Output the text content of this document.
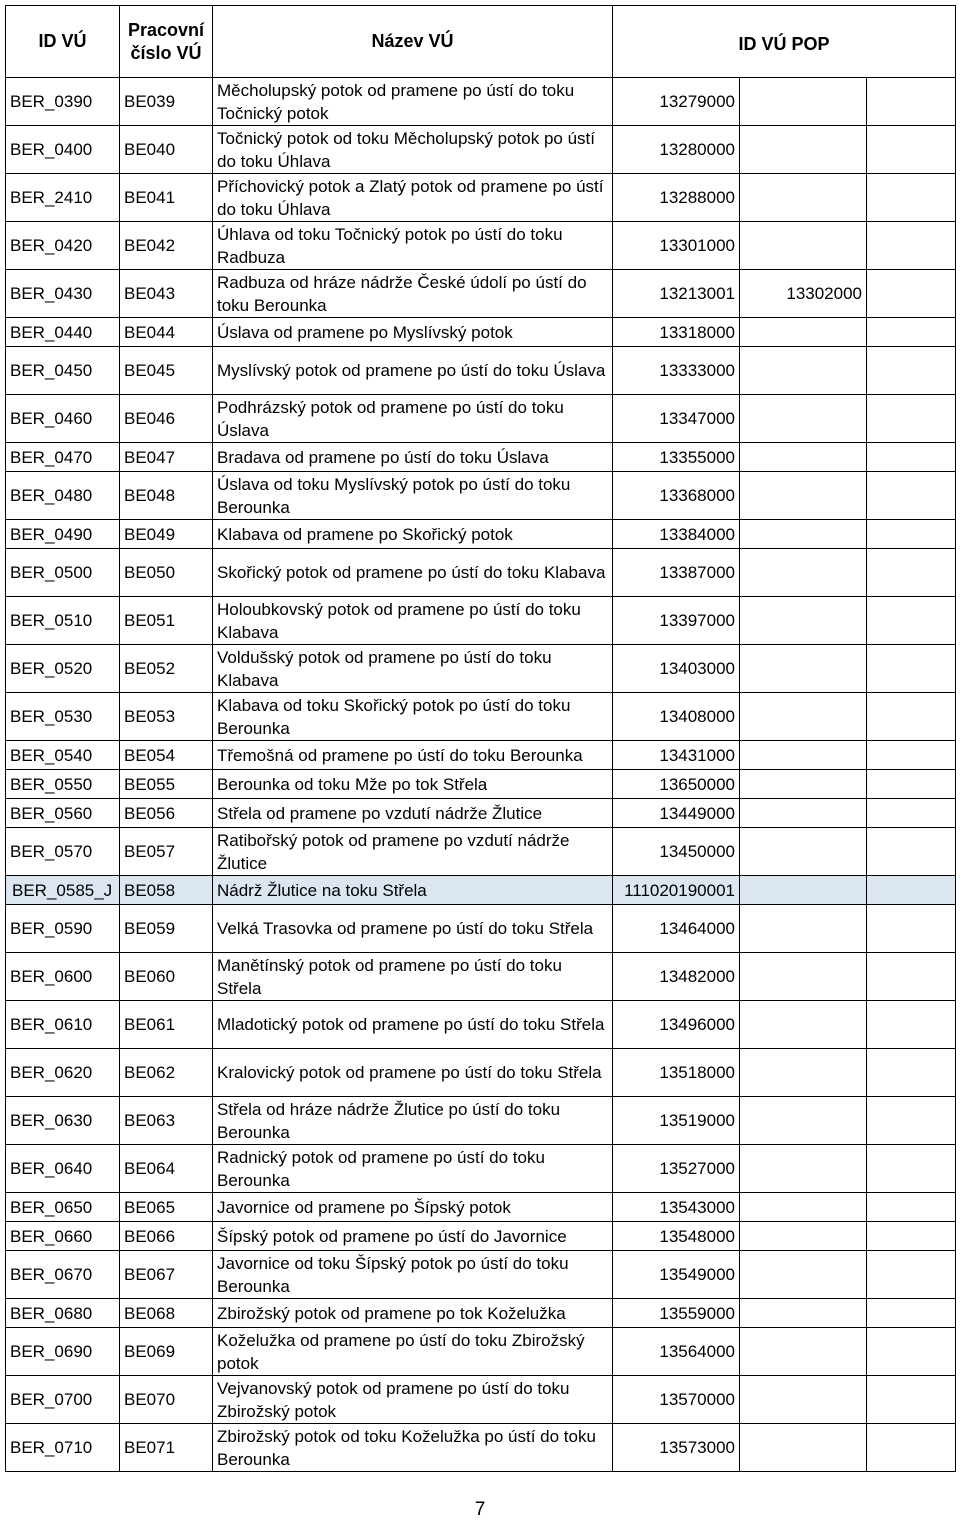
ID VÚ	Pracovní číslo VÚ	Název VÚ	ID VÚ POP		
BER_0390	BE039	Měcholupský potok od pramene po ústí do toku Točnický potok	13279000		
BER_0400	BE040	Točnický potok od toku Měcholupský potok po ústí do toku Úhlava	13280000		
BER_2410	BE041	Příchovický potok a Zlatý potok od pramene po ústí do toku Úhlava	13288000		
BER_0420	BE042	Úhlava od toku Točnický potok po ústí do toku Radbuza	13301000		
BER_0430	BE043	Radbuza od hráze nádrže České údolí po ústí do toku Berounka	13213001	13302000	
BER_0440	BE044	Úslava od pramene po Myslívský potok	13318000		
BER_0450	BE045	Myslívský potok od pramene po ústí do toku Úslava	13333000		
BER_0460	BE046	Podhrázský potok od pramene po ústí do toku Úslava	13347000		
BER_0470	BE047	Bradava od pramene po ústí do toku Úslava	13355000		
BER_0480	BE048	Úslava od toku Myslívský potok po ústí do toku Berounka	13368000		
BER_0490	BE049	Klabava od pramene po Skořický potok	13384000		
BER_0500	BE050	Skořický potok od pramene po ústí do toku Klabava	13387000		
BER_0510	BE051	Holoubkovský potok od pramene po ústí do toku Klabava	13397000		
BER_0520	BE052	Voldušský potok od pramene po ústí do toku Klabava	13403000		
BER_0530	BE053	Klabava od toku Skořický potok po ústí do toku Berounka	13408000		
BER_0540	BE054	Třemošná od pramene po ústí do toku Berounka	13431000		
BER_0550	BE055	Berounka od toku Mže po tok Střela	13650000		
BER_0560	BE056	Střela od pramene po vzdutí nádrže Žlutice	13449000		
BER_0570	BE057	Ratibořský potok od pramene po vzdutí nádrže Žlutice	13450000		
BER_0585_J	BE058	Nádrž Žlutice na toku Střela	111020190001		
BER_0590	BE059	Velká Trasovka od pramene po ústí do toku Střela	13464000		
BER_0600	BE060	Manětínský potok od pramene po ústí do toku Střela	13482000		
BER_0610	BE061	Mladotický potok od pramene po ústí do toku Střela	13496000		
BER_0620	BE062	Kralovický potok od pramene po ústí do toku Střela	13518000		
BER_0630	BE063	Střela od hráze nádrže Žlutice po ústí do toku Berounka	13519000		
BER_0640	BE064	Radnický potok od pramene po ústí do toku Berounka	13527000		
BER_0650	BE065	Javornice od pramene po Šípský potok	13543000		
BER_0660	BE066	Šípský potok od pramene po ústí do Javornice	13548000		
BER_0670	BE067	Javornice od toku Šípský potok po ústí do toku Berounka	13549000		
BER_0680	BE068	Zbirožský potok od pramene po tok Koželužka	13559000		
BER_0690	BE069	Koželužka od pramene po ústí do toku Zbirožský potok	13564000		
BER_0700	BE070	Vejvanovský potok od pramene po ústí do toku Zbirožský potok	13570000		
BER_0710	BE071	Zbirožský potok od toku Koželužka po ústí do toku Berounka	13573000		
7
